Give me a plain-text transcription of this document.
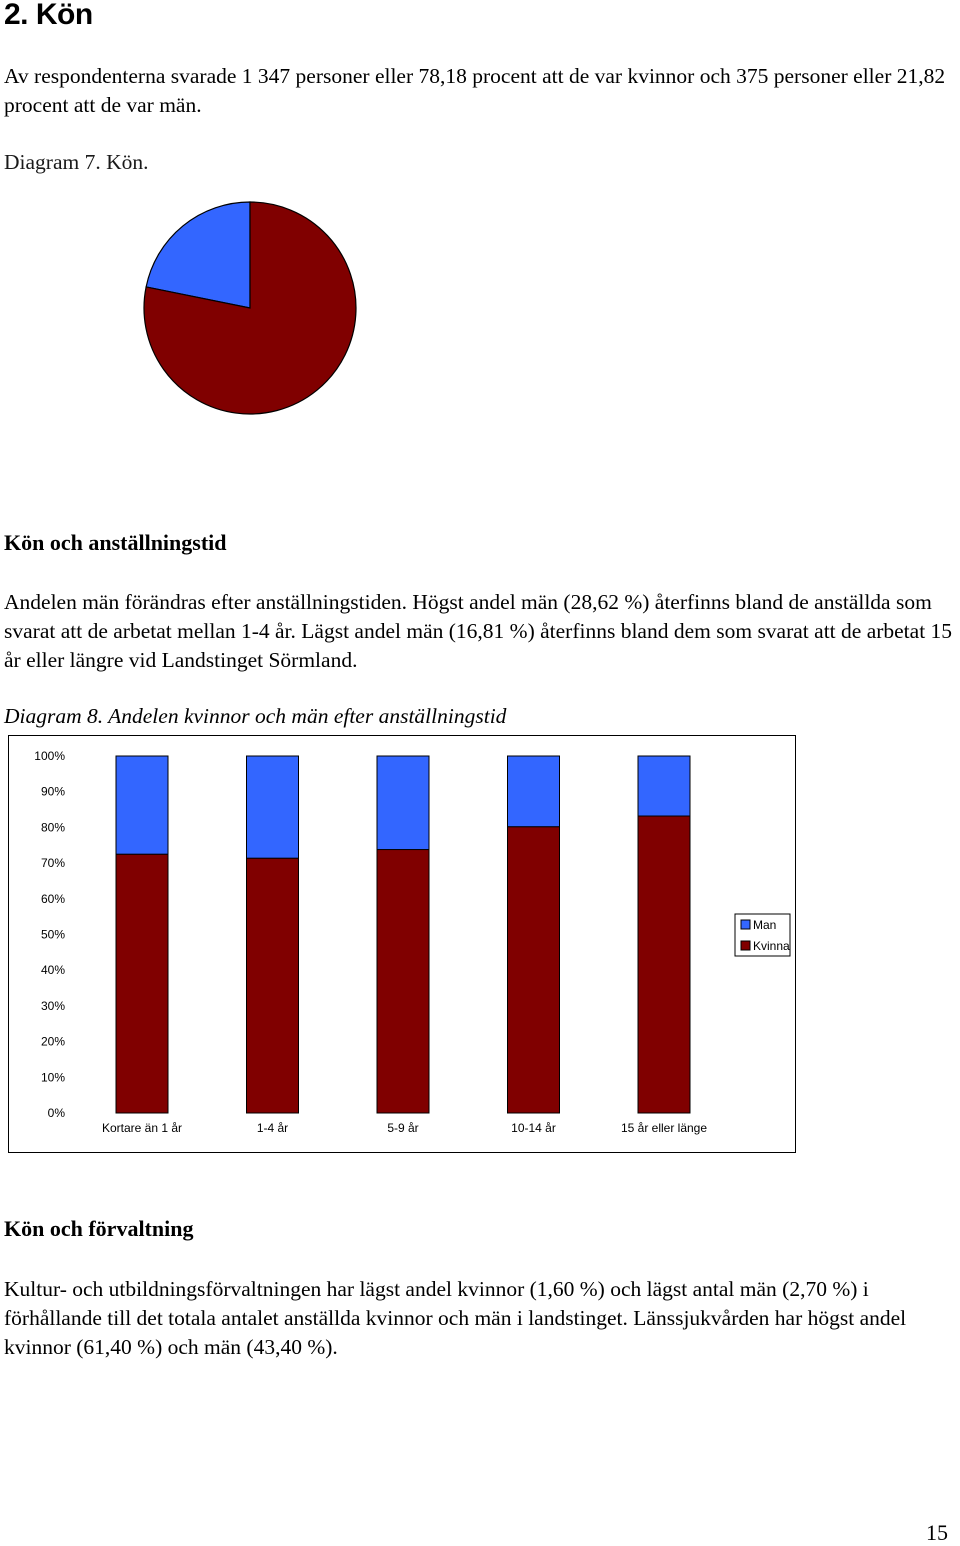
2. Kön
Av respondenterna svarade 1 347 personer eller 78,18 procent att de var kvinnor och 375 personer eller 21,82 procent att de var män.
Diagram 7. Kön.
Kön och anställningstid
Andelen män förändras efter anställningstiden. Högst andel män (28,62 %) återfinns bland de anställda som svarat att de arbetat mellan 1-4 år. Lägst andel män (16,81 %) återfinns bland dem som svarat att de arbetat 15 år eller längre vid Landstinget Sörmland.
Diagram 8. Andelen kvinnor och män efter anställningstid
0%
10%
20%
30%
40%
50%
60%
70%
80%
90%
100%
Kortare än 1 år	1-4 år	5-9 år	10-14 år	15 år eller länge
Man
Kvinna
Kön och förvaltning
Kultur- och utbildningsförvaltningen har lägst andel kvinnor (1,60 %) och lägst antal män (2,70 %) i förhållande till det totala antalet anställda kvinnor och män i landstinget. Länssjukvården har högst andel kvinnor (61,40 %) och män (43,40 %).
15
